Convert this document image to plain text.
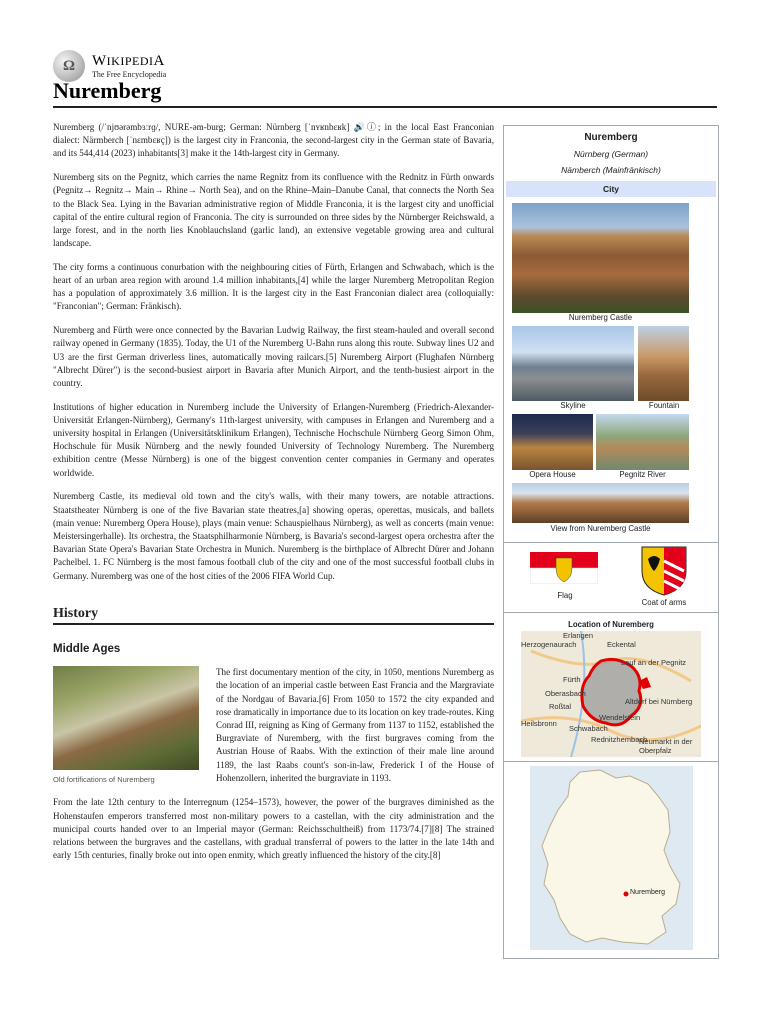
Ω WIKIPEDIA
The Free Encyclopedia
Nuremberg

Nuremberg (/ˈnjʊərəmbɜːrɡ/, NURE-əm-burg; German: Nürnberg [ˈnʏʁnbɛʁk] 🔊ⓘ; in the local East Franconian dialect: Närmberch [ˈnɛmbɛʁç]) is the largest city in Franconia, the second-largest city in the German state of Bavaria, and its 544,414 (2023) inhabitants[3] make it the 14th-largest city in Germany.

Nuremberg sits on the Pegnitz, which carries the name Regnitz from its confluence with the Rednitz in Fürth onwards (Pegnitz→ Regnitz→ Main→ Rhine→ North Sea), and on the Rhine–Main–Danube Canal, that connects the North Sea to the Black Sea. Lying in the Bavarian administrative region of Middle Franconia, it is the largest city and unofficial capital of the entire cultural region of Franconia. The city is surrounded on three sides by the Nürnberger Reichswald, a large forest, and in the north lies Knoblauchsland (garlic land), an extensive vegetable growing area and cultural landscape.

The city forms a continuous conurbation with the neighbouring cities of Fürth, Erlangen and Schwabach, which is the heart of an urban area region with around 1.4 million inhabitants,[4] while the larger Nuremberg Metropolitan Region has a population of approximately 3.6 million. It is the largest city in the East Franconian dialect area (colloquially: "Franconian"; German: Fränkisch).

Nuremberg and Fürth were once connected by the Bavarian Ludwig Railway, the first steam-hauled and overall second railway opened in Germany (1835). Today, the U1 of the Nuremberg U-Bahn runs along this route. Subway lines U2 and U3 are the first German driverless lines, automatically moving railcars.[5] Nuremberg Airport (Flughafen Nürnberg "Albrecht Dürer") is the second-busiest airport in Bavaria after Munich Airport, and the tenth-busiest airport in the country.

Institutions of higher education in Nuremberg include the University of Erlangen-Nuremberg (Friedrich-Alexander-Universität Erlangen-Nürnberg), Germany's 11th-largest university, with campuses in Erlangen and Nuremberg and a university hospital in Erlangen (Universitätsklinikum Erlangen), Technische Hochschule Nürnberg Georg Simon Ohm, Hochschule für Musik Nürnberg and the newly founded University of Technology Nuremberg. The Nuremberg exhibition centre (Messe Nürnberg) is one of the biggest convention center companies in Germany and operates worldwide.

Nuremberg Castle, its medieval old town and the city's walls, with their many towers, are notable attractions. Staatstheater Nürnberg is one of the five Bavarian state theatres,[a] showing operas, operettas, musicals, and ballets (main venue: Nuremberg Opera House), plays (main venue: Schauspielhaus Nürnberg), as well as concerts (main venue: Meistersingerhalle). Its orchestra, the Staatsphilharmonie Nürnberg, is Bavaria's second-largest opera orchestra after the Bavarian State Opera's Bavarian State Orchestra in Munich. Nuremberg is the birthplace of Albrecht Dürer and Johann Pachelbel. 1. FC Nürnberg is the most famous football club of the city and one of the most successful football clubs in Germany. Nuremberg was one of the host cities of the 2006 FIFA World Cup.

History
Middle Ages
Old fortifications of Nuremberg

The first documentary mention of the city, in 1050, mentions Nuremberg as the location of an imperial castle between East Francia and the Margraviate of the Nordgau of Bavaria.[6] From 1050 to 1572 the city expanded and rose dramatically in importance due to its location on key trade-routes. King Conrad III, reigning as King of Germany from 1137 to 1152, established the Burgraviate of Nuremberg, with the first burgraves coming from the Austrian House of Raabs. With the extinction of their male line around 1189, the last Raabs count's son-in-law, Frederick I of the House of Hohenzollern, inherited the burgraviate in 1193.

From the late 12th century to the Interregnum (1254–1573), however, the power of the burgraves diminished as the Hohenstaufen emperors transferred most non-military powers to a castellan, with the city administration and the municipal courts handed over to an Imperial mayor (German: Reichsschultheiß) from 1173/74.[7][8] The strained relations between the burgraves and the castellans, with gradual transferral of powers to the latter in the late 14th and early 15th centuries, finally broke out into open enmity, which greatly influenced the history of the city.[8]

Nuremberg
Nürnberg (German)
Nämberch (Mainfränkisch)
City
Nuremberg Castle
Skyline	Fountain
Opera House	Pegnitz River
View from Nuremberg Castle
Flag
Coat of arms
Location of Nuremberg
Erlangen
Herzogenaurach	Eckental
Lauf an der Pegnitz
Fürth
Oberasbach
Roßtal
Schwabach
Rednitzhembach
Altdorf bei Nürnberg
Neumarkt in der Oberpfalz
Wendelstein
Heilsbronn
Nuremberg
